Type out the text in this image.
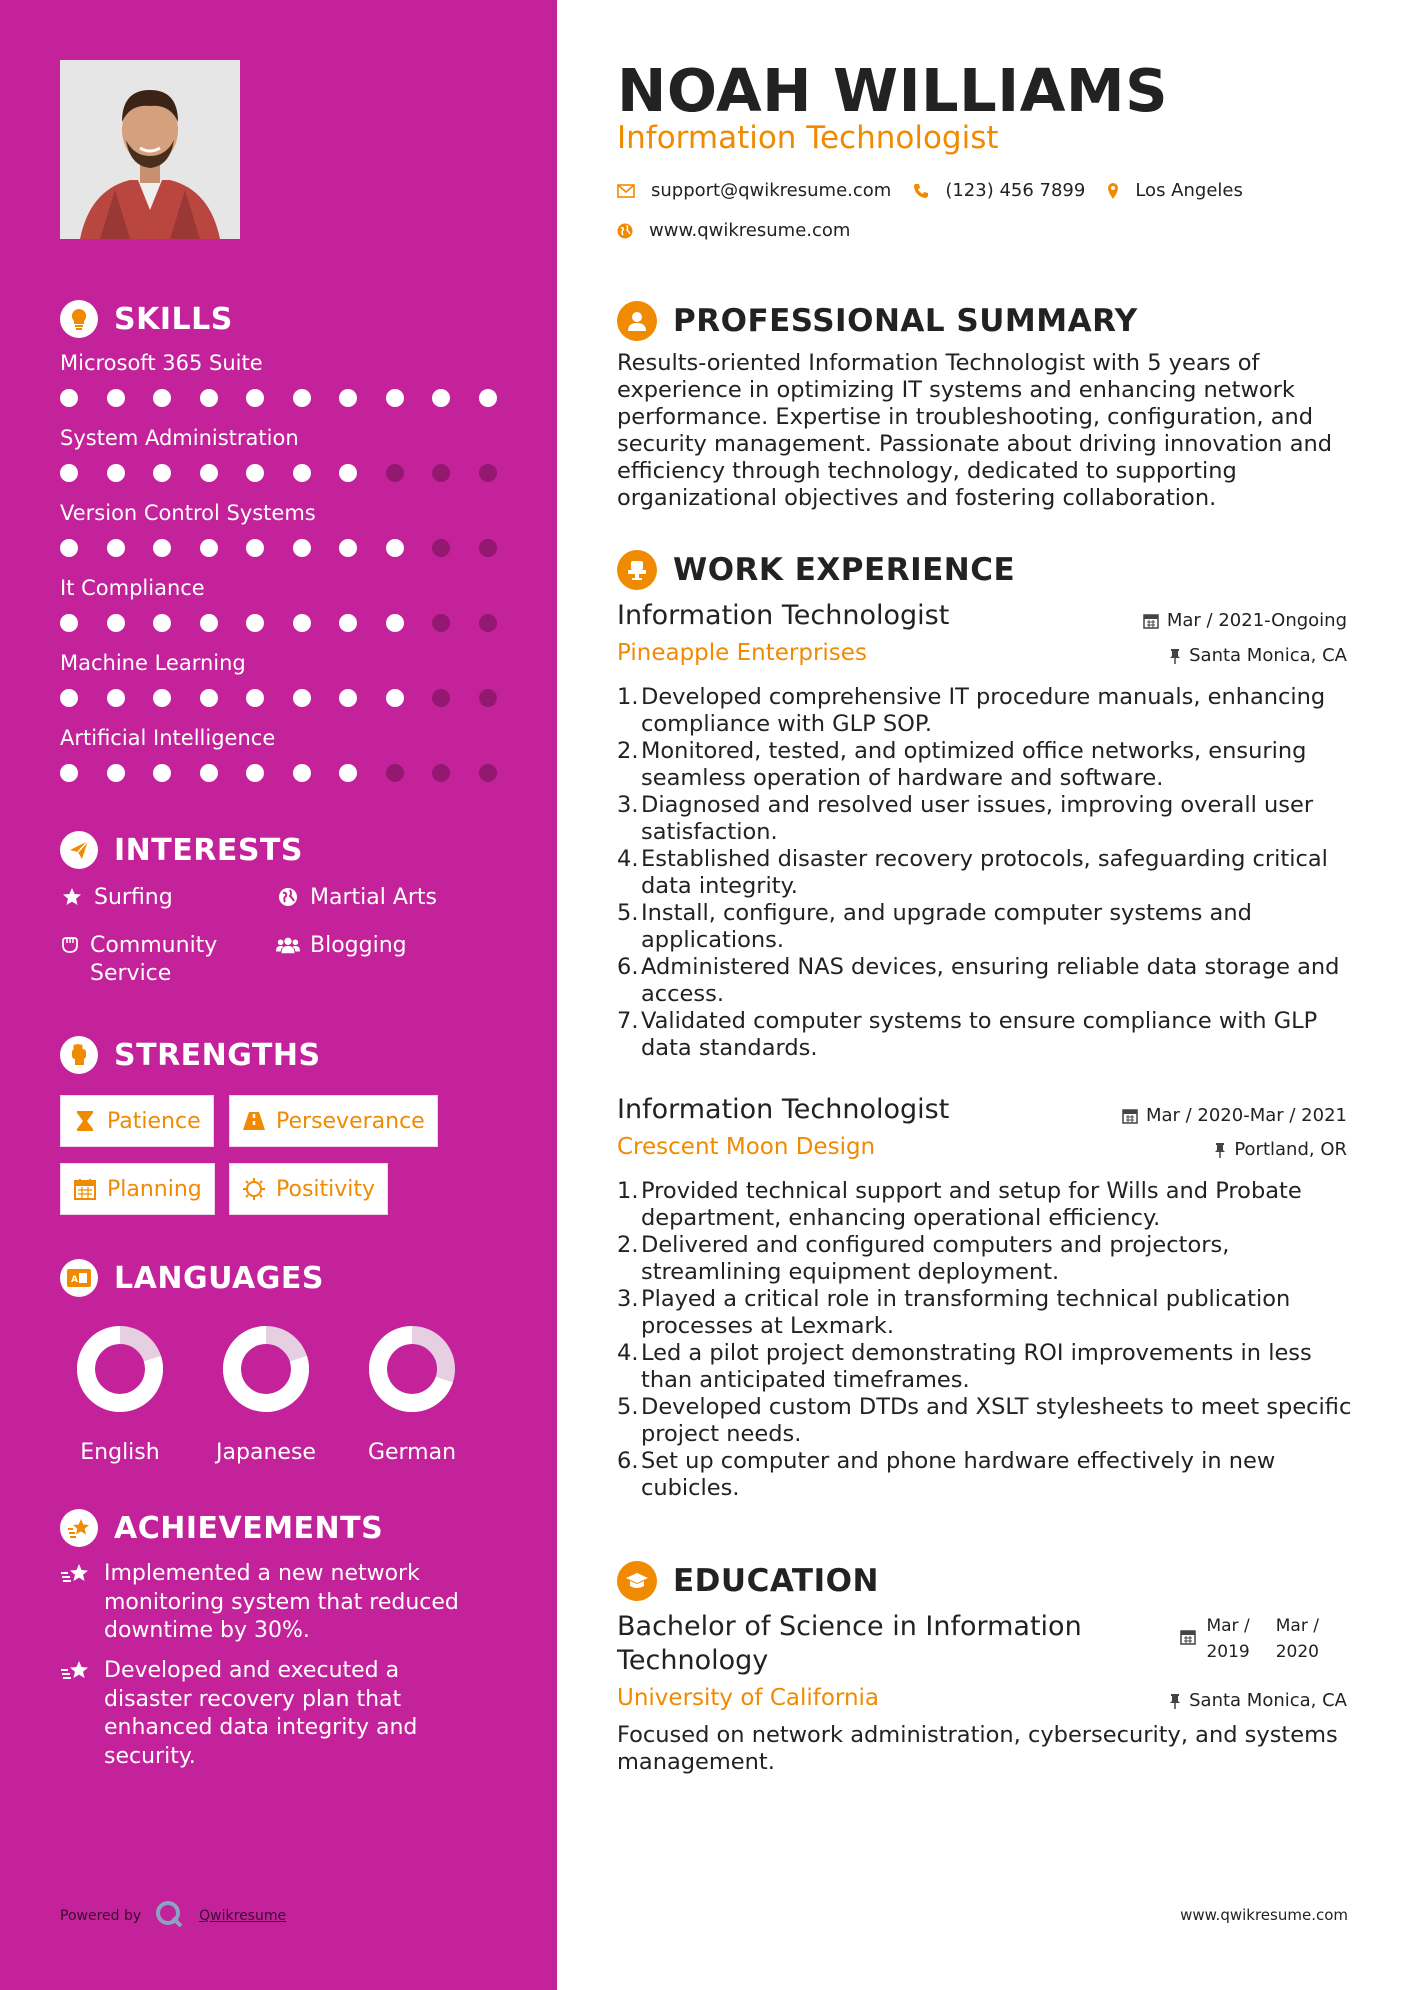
SKILLS
Microsoft 365 Suite
System Administration
Version Control Systems
It Compliance
Machine Learning
Artificial Intelligence
INTERESTS
Surfing	Martial Arts
Community Service
Blogging
STRENGTHS
Patience	Perseverance
Planning	Positivity
A LANGUAGES
English	Japanese	German
ACHIEVEMENTS
Implemented a new network monitoring system that reduced downtime by 30%.
Developed and executed a disaster recovery plan that enhanced data integrity and security.
Powered by	Qwikresume
NOAH WILLIAMS
Information Technologist
support@qwikresume.com	(123) 456 7899	Los Angeles
www.qwikresume.com
PROFESSIONAL SUMMARY
Results-oriented Information Technologist with 5 years of experience in optimizing IT systems and enhancing network performance. Expertise in troubleshooting, configuration, and security management. Passionate about driving innovation and efficiency through technology, dedicated to supporting organizational objectives and fostering collaboration.
WORK EXPERIENCE
Information Technologist	Mar / 2021-Ongoing
Pineapple Enterprises	Santa Monica, CA
1. Developed comprehensive IT procedure manuals, enhancing compliance with GLP SOP.
2. Monitored, tested, and optimized office networks, ensuring seamless operation of hardware and software.
3. Diagnosed and resolved user issues, improving overall user satisfaction.
4. Established disaster recovery protocols, safeguarding critical data integrity.
5. Install, configure, and upgrade computer systems and applications.
6. Administered NAS devices, ensuring reliable data storage and access.
7. Validated computer systems to ensure compliance with GLP data standards.
Information Technologist	Mar / 2020-Mar / 2021
Crescent Moon Design	Portland, OR
1. Provided technical support and setup for Wills and Probate department, enhancing operational efficiency.
2. Delivered and configured computers and projectors, streamlining equipment deployment.
3. Played a critical role in transforming technical publication processes at Lexmark.
4. Led a pilot project demonstrating ROI improvements in less than anticipated timeframes.
5. Developed custom DTDs and XSLT stylesheets to meet specific project needs.
6. Set up computer and phone hardware effectively in new cubicles.
EDUCATION
Bachelor of Science in Information Technology
Mar /
2019
Mar /
2020
University of California	Santa Monica, CA
Focused on network administration, cybersecurity, and systems management.
www.qwikresume.com
